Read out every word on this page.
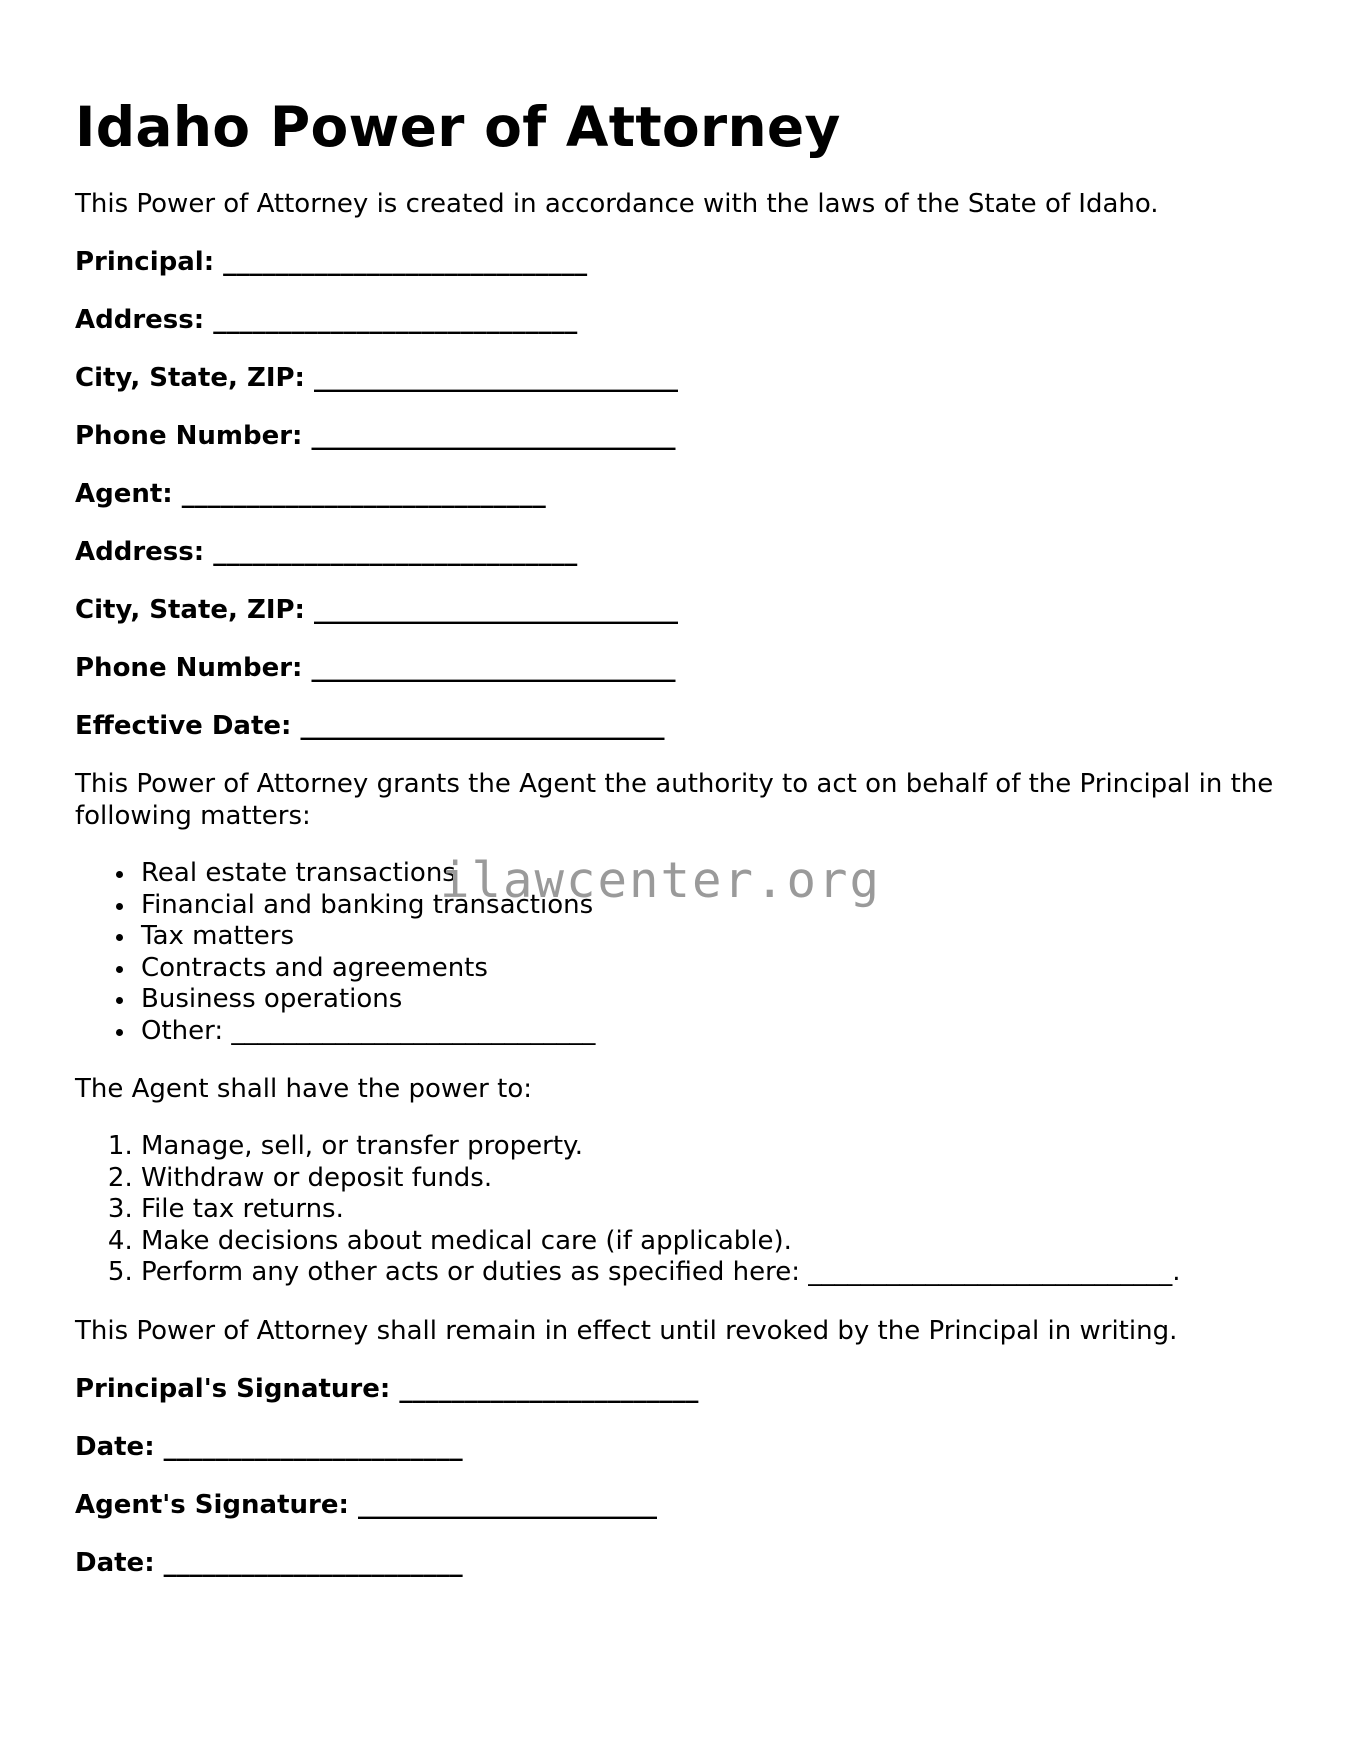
Idaho Power of Attorney

This Power of Attorney is created in accordance with the laws of the State of Idaho.

Principal: ____________________________

Address: ____________________________

City, State, ZIP: ____________________________

Phone Number: ____________________________

Agent: ____________________________

Address: ____________________________

City, State, ZIP: ____________________________

Phone Number: ____________________________

Effective Date: ____________________________

This Power of Attorney grants the Agent the authority to act on behalf of the Principal in the following matters:

Real estate transactions
Financial and banking transactions
Tax matters
Contracts and agreements
Business operations
Other: ____________________________

The Agent shall have the power to:

1. Manage, sell, or transfer property.
2. Withdraw or deposit funds.
3. File tax returns.
4. Make decisions about medical care (if applicable).
5. Perform any other acts or duties as specified here: ____________________________.

This Power of Attorney shall remain in effect until revoked by the Principal in writing.

Principal's Signature: _______________________

Date: _______________________

Agent's Signature: _______________________

Date: _______________________

ilawcenter.org
